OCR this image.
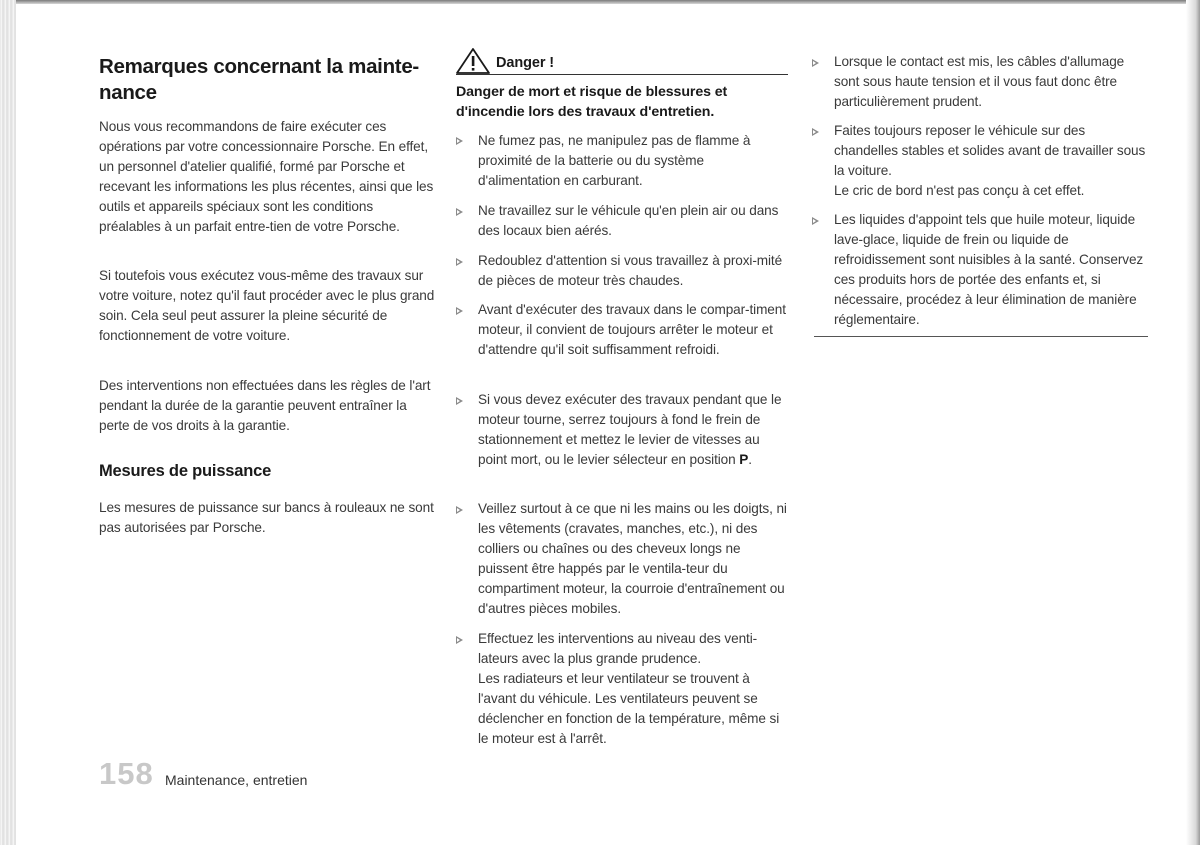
Remarques concernant la mainte-
nance

Nous vous recommandons de faire exécuter ces opérations par votre concessionnaire Porsche. En effet, un personnel d'atelier qualifié, formé par Porsche et recevant les informations les plus récentes, ainsi que les outils et appareils spéciaux sont les conditions préalables à un parfait entre-tien de votre Porsche.

Si toutefois vous exécutez vous-même des travaux sur votre voiture, notez qu'il faut procéder avec le plus grand soin. Cela seul peut assurer la pleine sécurité de fonctionnement de votre voiture.

Des interventions non effectuées dans les règles de l'art pendant la durée de la garantie peuvent entraîner la perte de vos droits à la garantie.

Mesures de puissance

Les mesures de puissance sur bancs à rouleaux ne sont pas autorisées par Porsche.

Danger !

Danger de mort et risque de blessures et d'incendie lors des travaux d'entretien.

Ne fumez pas, ne manipulez pas de flamme à proximité de la batterie ou du système d'alimentation en carburant.

Ne travaillez sur le véhicule qu'en plein air ou dans des locaux bien aérés.

Redoublez d'attention si vous travaillez à proxi-mité de pièces de moteur très chaudes.

Avant d'exécuter des travaux dans le compar-timent moteur, il convient de toujours arrêter le moteur et d'attendre qu'il soit suffisamment refroidi.

Si vous devez exécuter des travaux pendant que le moteur tourne, serrez toujours à fond le frein de stationnement et mettez le levier de vitesses au point mort, ou le levier sélecteur en position P.

Veillez surtout à ce que ni les mains ou les doigts, ni les vêtements (cravates, manches, etc.), ni des colliers ou chaînes ou des cheveux longs ne puissent être happés par le ventila-teur du compartiment moteur, la courroie d'entraînement ou d'autres pièces mobiles.

Effectuez les interventions au niveau des venti-lateurs avec la plus grande prudence.
Les radiateurs et leur ventilateur se trouvent à l'avant du véhicule. Les ventilateurs peuvent se déclencher en fonction de la température, même si le moteur est à l'arrêt.

Lorsque le contact est mis, les câbles d'allumage sont sous haute tension et il vous faut donc être particulièrement prudent.

Faites toujours reposer le véhicule sur des chandelles stables et solides avant de travailler sous la voiture.
Le cric de bord n'est pas conçu à cet effet.

Les liquides d'appoint tels que huile moteur, liquide lave-glace, liquide de frein ou liquide de refroidissement sont nuisibles à la santé. Conservez ces produits hors de portée des enfants et, si nécessaire, procédez à leur élimination de manière réglementaire.

158 Maintenance, entretien
